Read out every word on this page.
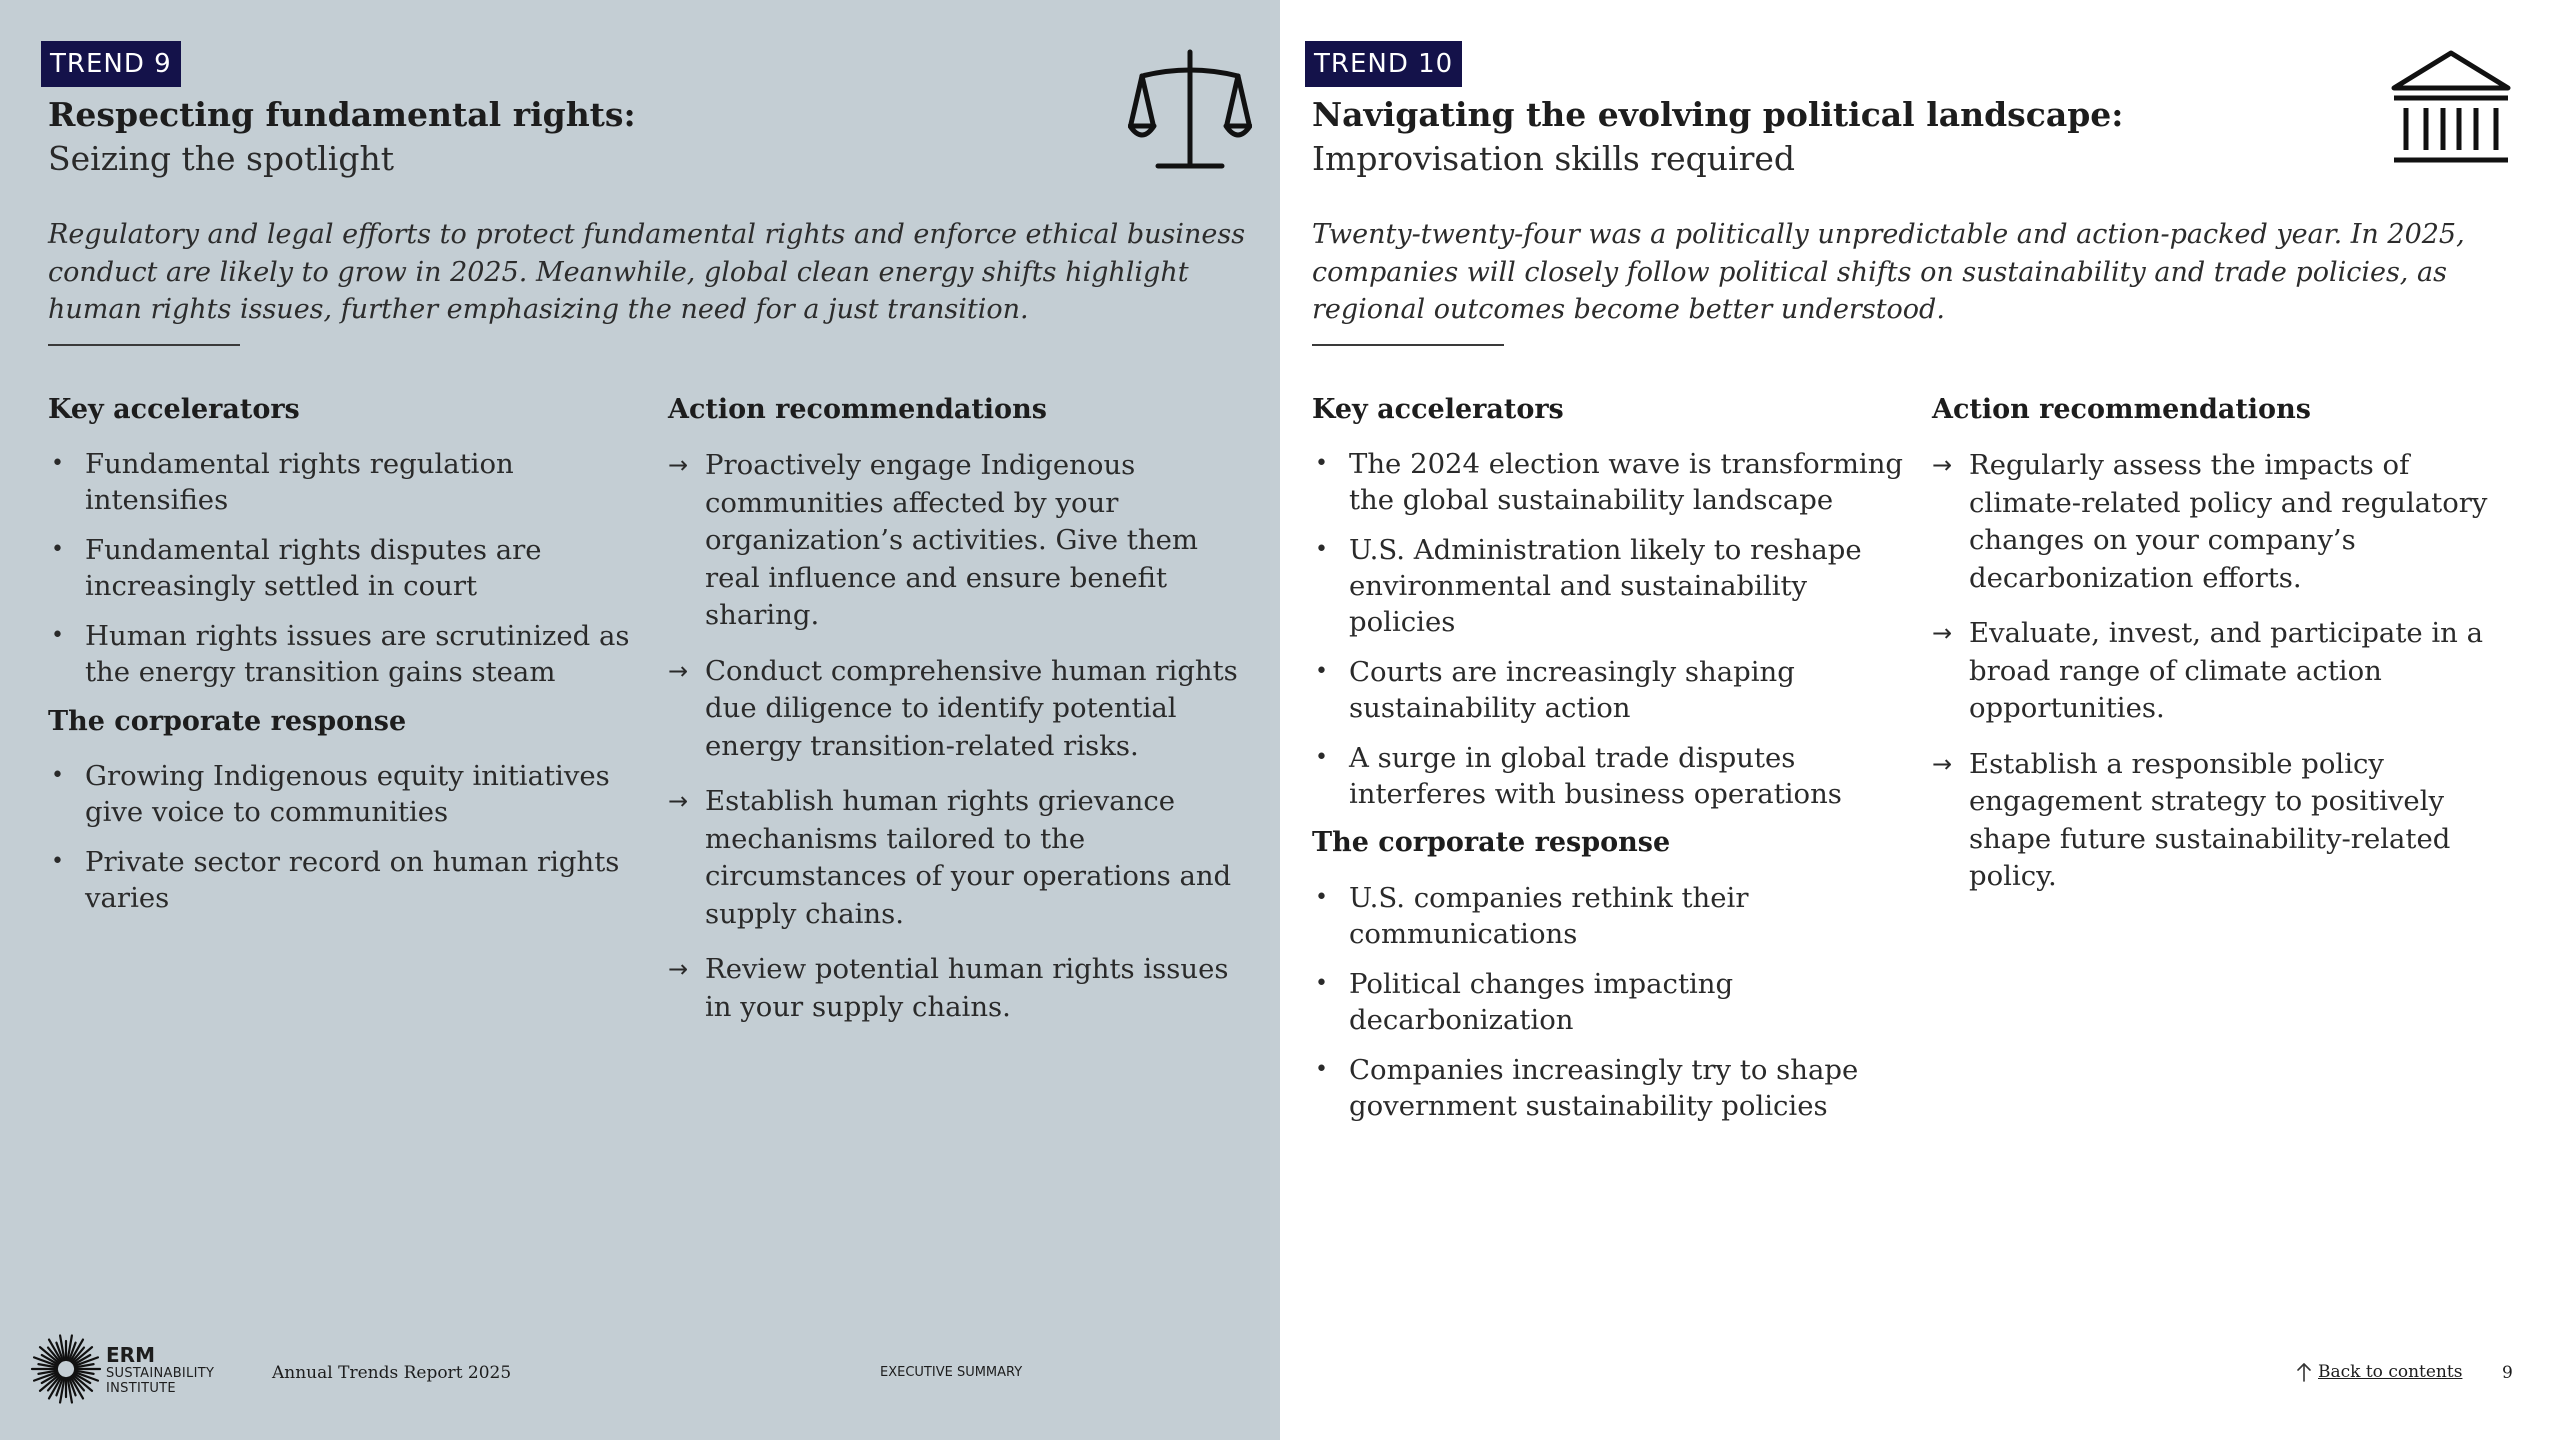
TREND 9
Respecting fundamental rights:
Seizing the spotlight
Regulatory and legal efforts to protect fundamental rights and enforce ethical business conduct are likely to grow in 2025. Meanwhile, global clean energy shifts highlight human rights issues, further emphasizing the need for a just transition.
Key accelerators
• Fundamental rights regulation intensifies
• Fundamental rights disputes are increasingly settled in court
• Human rights issues are scrutinized as the energy transition gains steam
The corporate response
• Growing Indigenous equity initiatives give voice to communities
• Private sector record on human rights varies
Action recommendations
→ Proactively engage Indigenous communities affected by your organization’s activities. Give them real influence and ensure benefit sharing.
→ Conduct comprehensive human rights due diligence to identify potential energy transition-related risks.
→ Establish human rights grievance mechanisms tailored to the circumstances of your operations and supply chains.
→ Review potential human rights issues in your supply chains.
ERM
SUSTAINABILITY
INSTITUTE
Annual Trends Report 2025	EXECUTIVE SUMMARY
TREND 10
Navigating the evolving political landscape:
Improvisation skills required
Twenty-twenty-four was a politically unpredictable and action-packed year. In 2025, companies will closely follow political shifts on sustainability and trade policies, as regional outcomes become better understood.
Key accelerators
• The 2024 election wave is transforming the global sustainability landscape
• U.S. Administration likely to reshape environmental and sustainability policies
• Courts are increasingly shaping sustainability action
• A surge in global trade disputes interferes with business operations
The corporate response
• U.S. companies rethink their communications
• Political changes impacting decarbonization
• Companies increasingly try to shape government sustainability policies
Action recommendations
→ Regularly assess the impacts of climate-related policy and regulatory changes on your company’s decarbonization efforts.
→ Evaluate, invest, and participate in a broad range of climate action opportunities.
→ Establish a responsible policy engagement strategy to positively shape future sustainability-related policy.
Back to contents 9
